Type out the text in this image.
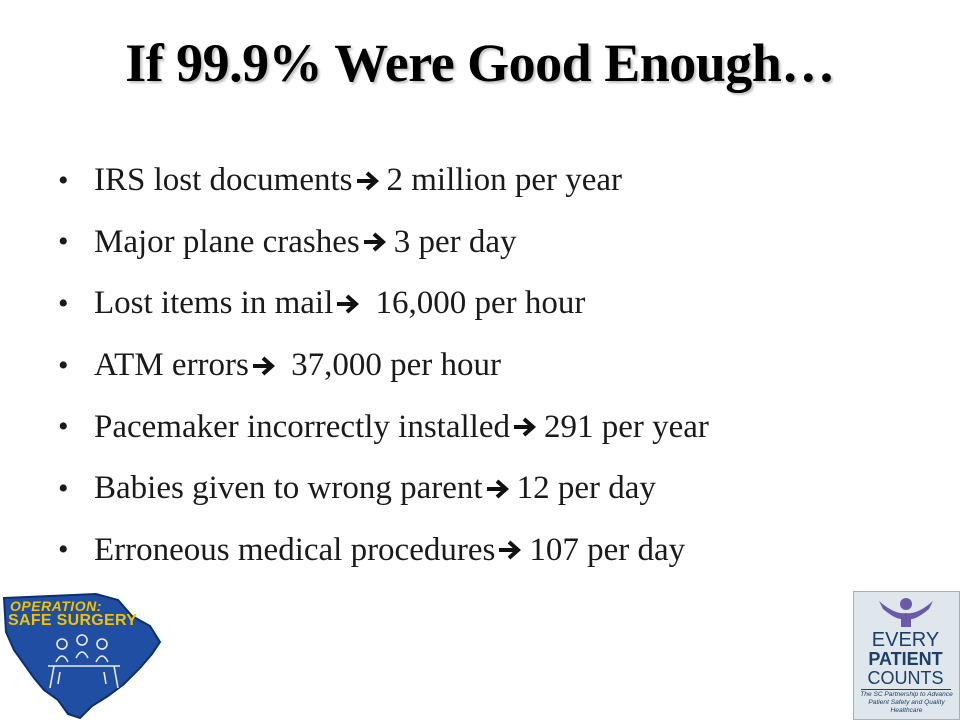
If 99.9% Were Good Enough…
• IRS lost documents 2 million per year
• Major plane crashes 3 per day
• Lost items in mail 16,000 per hour
• ATM errors 37,000 per hour
• Pacemaker incorrectly installed 291 per year
• Babies given to wrong parent 12 per day
• Erroneous medical procedures 107 per day
OPERATION:
SAFE SURGERY
EVERY
PATIENT
COUNTS
The SC Partnership to Advance Patient Safety and Quality Healthcare
